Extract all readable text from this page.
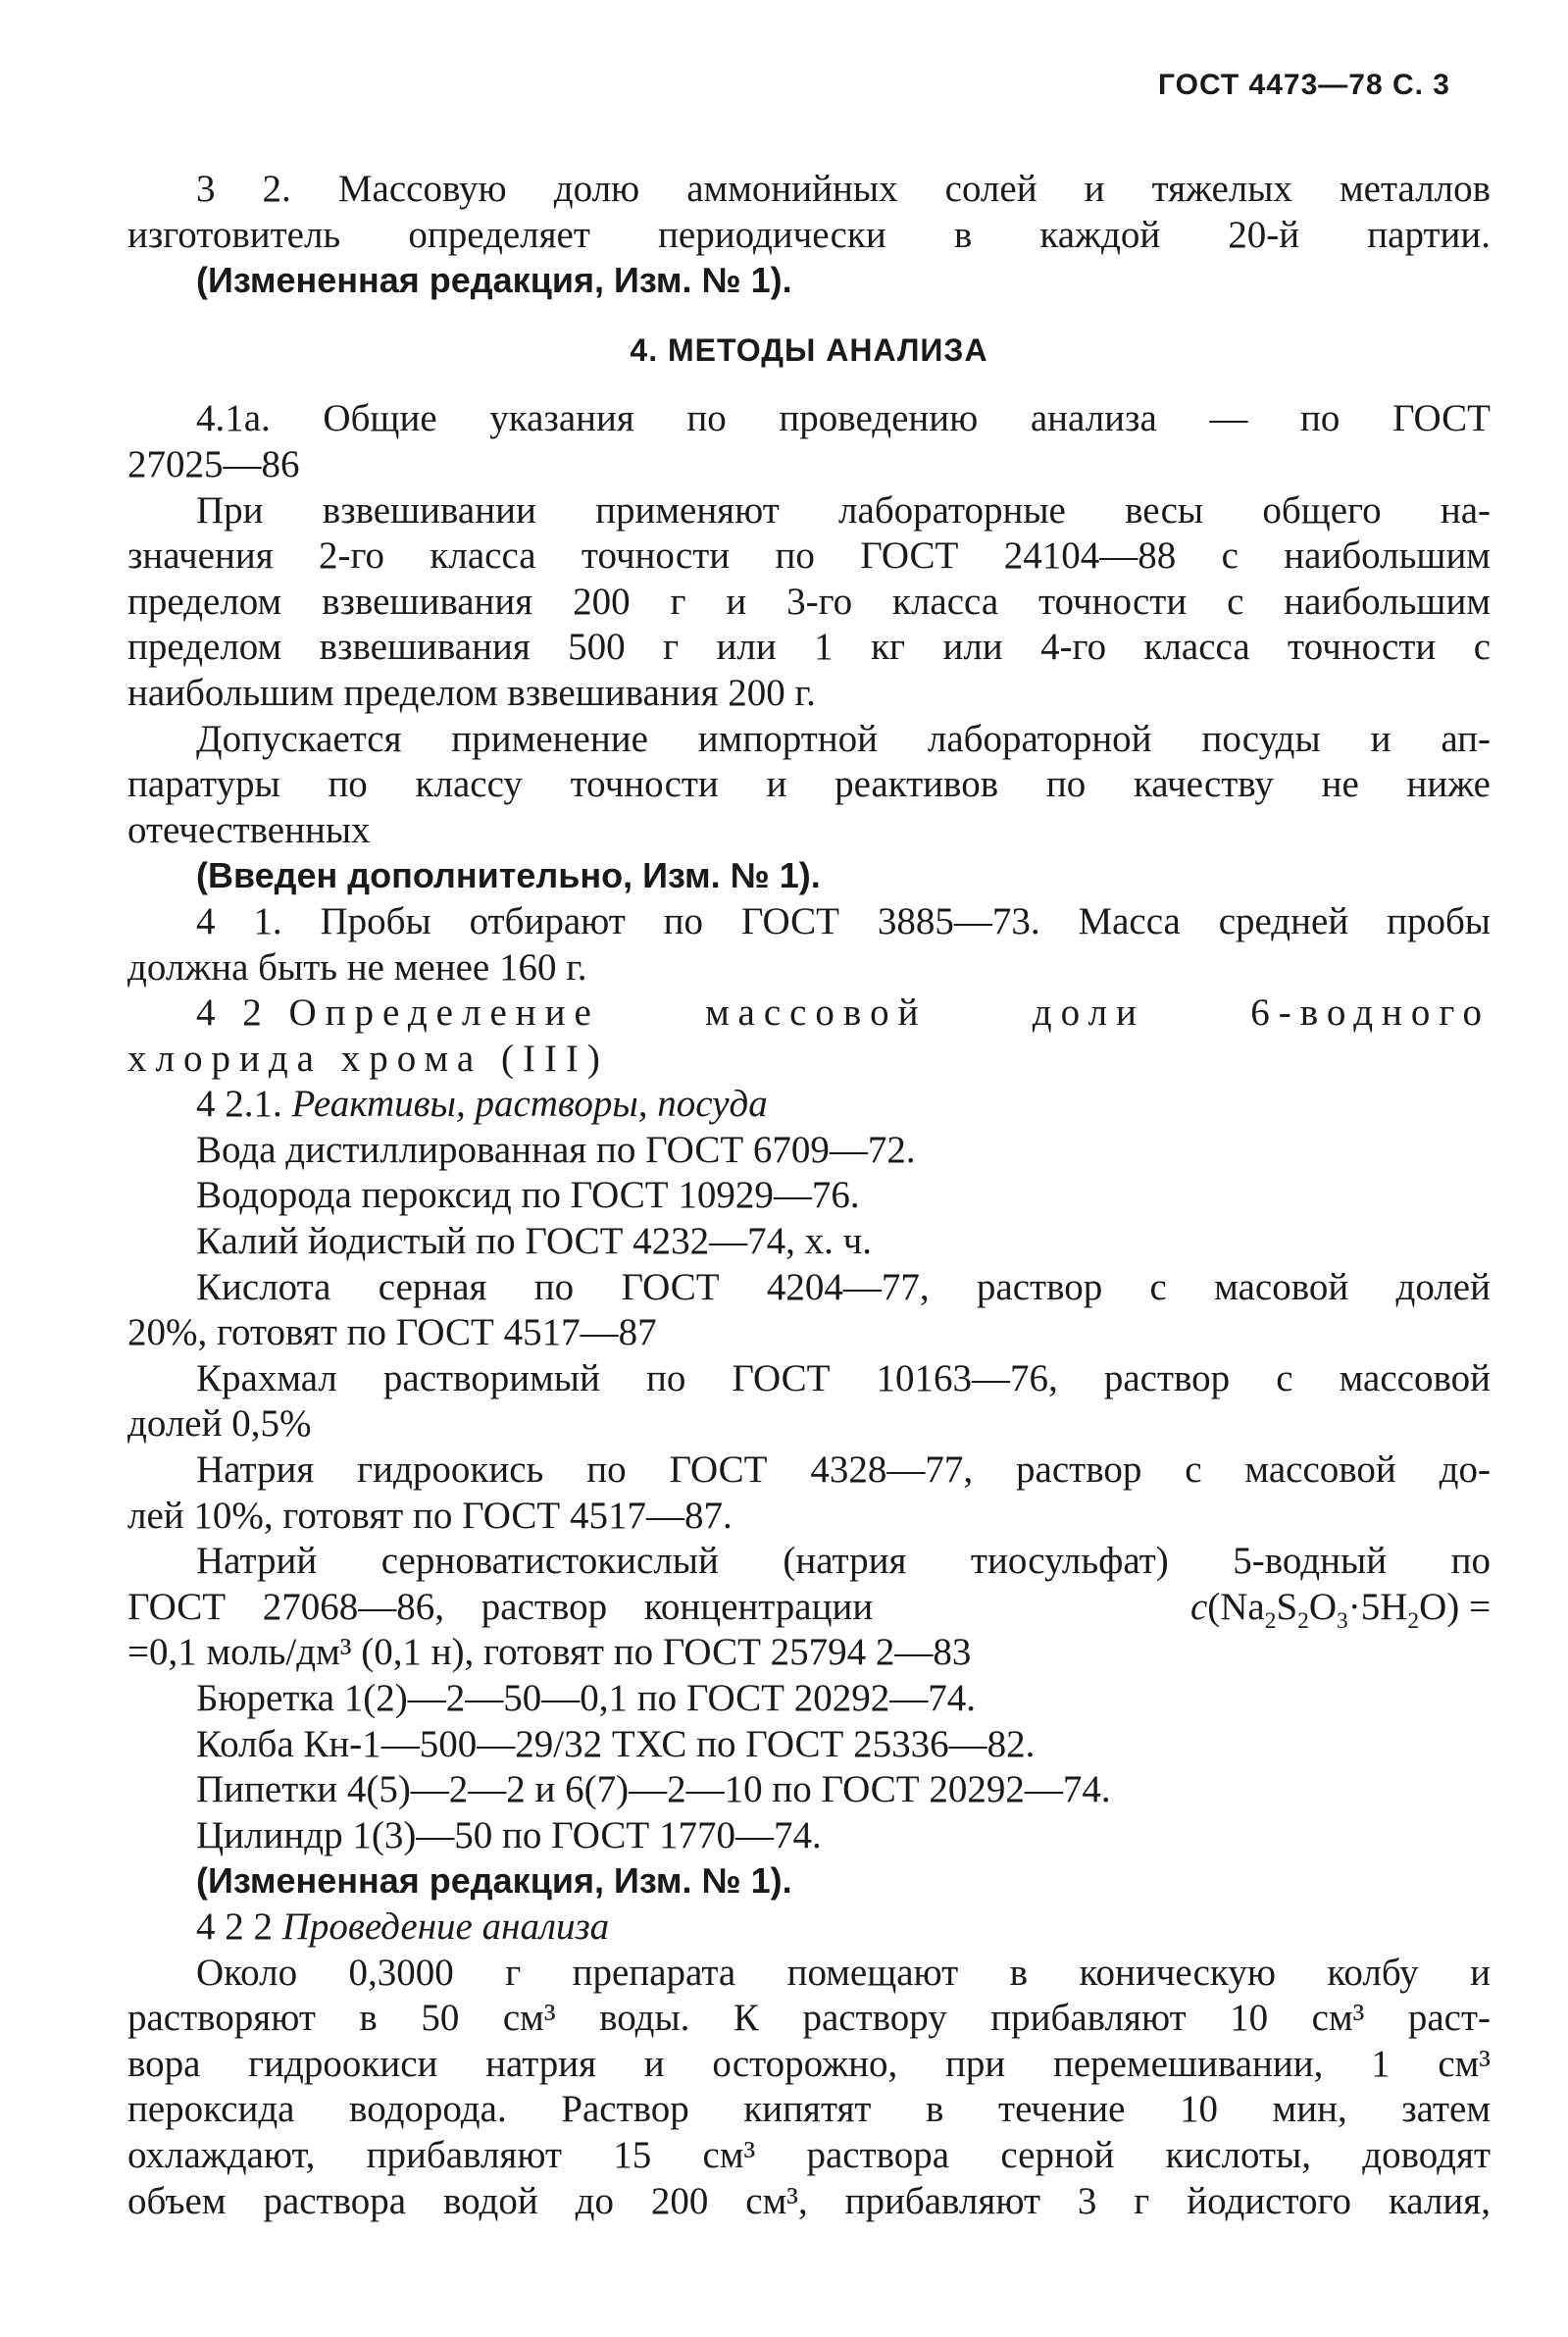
ГОСТ 4473—78 С. 3
3 2. Массовую долю аммонийных солей и тяжелых металлов
изготовитель определяет периодически в каждой 20-й партии.
(Измененная редакция, Изм. № 1).
4. МЕТОДЫ АНАЛИЗА
4.1а. Общие указания по проведению анализа — по ГОСТ
27025—86
При взвешивании применяют лабораторные весы общего на-
значения 2-го класса точности по ГОСТ 24104—88 с наибольшим
пределом взвешивания 200 г и 3-го класса точности с наибольшим
пределом взвешивания 500 г или 1 кг или 4-го класса точности с
наибольшим пределом взвешивания 200 г.
Допускается применение импортной лабораторной посуды и ап-
паратуры по классу точности и реактивов по качеству не ниже
отечественных
(Введен дополнительно, Изм. № 1).
4 1. Пробы отбирают по ГОСТ 3885—73. Масса средней пробы
должна быть не менее 160 г.
4 2 Определение	массовой	доли	6-водного
хлорида хрома (III)
4 2.1. Реактивы, растворы, посуда
Вода дистиллированная по ГОСТ 6709—72.
Водорода пероксид по ГОСТ 10929—76.
Калий йодистый по ГОСТ 4232—74, х. ч.
Кислота серная по ГОСТ 4204—77, раствор с масовой долей
20%, готовят по ГОСТ 4517—87
Крахмал растворимый по ГОСТ 10163—76, раствор с массовой
долей 0,5%
Натрия гидроокись по ГОСТ 4328—77, раствор с массовой до-
лей 10%, готовят по ГОСТ 4517—87.
Натрий серноватистокислый (натрия тиосульфат) 5-водный по
ГОСТ 27068—86, раствор концентрации	$с(Na_2S_2O_3\cdot 5H_2O)$ =
=0,1 моль/дм³ (0,1 н), готовят по ГОСТ 25794 2—83
Бюретка 1(2)—2—50—0,1 по ГОСТ 20292—74.
Колба Кн-1—500—29/32 ТХС по ГОСТ 25336—82.
Пипетки 4(5)—2—2 и 6(7)—2—10 по ГОСТ 20292—74.
Цилиндр 1(3)—50 по ГОСТ 1770—74.
(Измененная редакция, Изм. № 1).
4 2 2 Проведение анализа
Около 0,3000 г препарата помещают в коническую колбу и
растворяют в 50 см³ воды. К раствору прибавляют 10 см³ раст-
вора гидроокиси натрия и осторожно, при перемешивании, 1 см³
пероксида водорода. Раствор кипятят в течение 10 мин, затем
охлаждают, прибавляют 15 см³ раствора серной кислоты, доводят
объем раствора водой до 200 см³, прибавляют 3 г йодистого калия,
